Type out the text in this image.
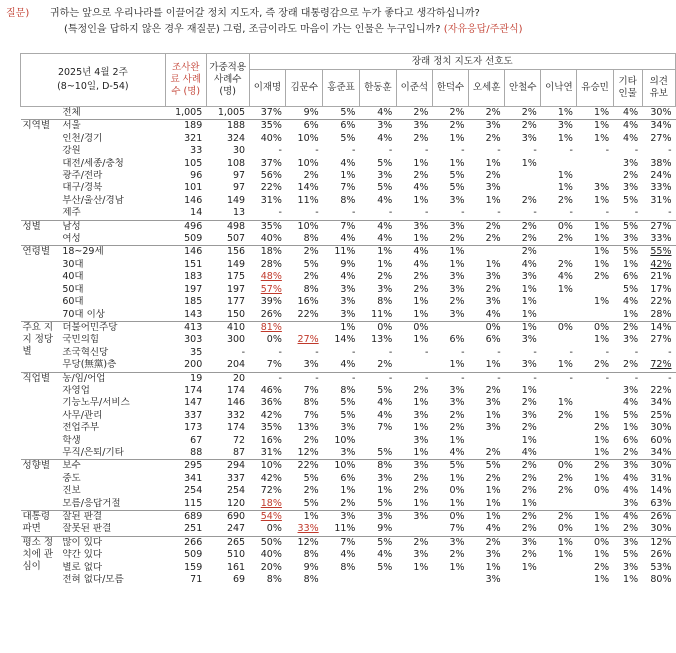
질문) 귀하는 앞으로 우리나라를 이끌어갈 정치 지도자, 즉 장래 대통령감으로 누가 좋다고 생각하십니까?
(특정인을 답하지 않은 경우 재질문) 그럼, 조금이라도 마음이 가는 인물은 누구입니까? (자유응답/주관식)
2025년 4월 2주
(8~10일, D-54)		조사완료 사례수 (명)	가중적용 사례수 (명)	장래 정치 지도자 선호도											
				이재명	김문수	홍준표	한동훈	이준석	한덕수	오세훈	안철수	이낙연	유승민	기타 인물	의견 유보
	전체	1,005	1,005	37%	9%	5%	4%	2%	2%	2%	2%	1%	1%	4%	30%
지역별	서울	189	188	35%	6%	6%	3%	3%	2%	3%	2%	3%	1%	4%	34%
	인천/경기	321	324	40%	10%	5%	4%	2%	1%	2%	3%	1%	1%	4%	27%
	강원	33	30	-	-	-	-	-	-	-	-	-	-	-	-
	대전/세종/충청	105	108	37%	10%	4%	5%	1%	1%	1%	1%			3%	38%
	광주/전라	96	97	56%	2%	1%	3%	2%	5%	2%		1%		2%	24%
	대구/경북	101	97	22%	14%	7%	5%	4%	5%	3%		1%	3%	3%	33%
	부산/울산/경남	146	149	31%	11%	8%	4%	1%	3%	1%	2%	2%	1%	5%	31%
	제주	14	13	-	-	-	-	-	-	-	-	-	-	-	-
성별	남성	496	498	35%	10%	7%	4%	3%	3%	2%	2%	0%	1%	5%	27%
	여성	509	507	40%	8%	4%	4%	1%	2%	2%	2%	2%	1%	3%	33%
연령별	18~29세	146	156	18%	2%	11%	1%	4%	1%		2%		1%	5%	55%
	30대	151	149	28%	5%	9%	1%	4%	1%	1%	4%	2%	1%	1%	42%
	40대	183	175	48%	2%	4%	2%	2%	3%	3%	3%	4%	2%	6%	21%
	50대	197	197	57%	8%	3%	3%	2%	3%	2%	1%	1%		5%	17%
	60대	185	177	39%	16%	3%	8%	1%	2%	3%	1%		1%	4%	22%
	70대 이상	143	150	26%	22%	3%	11%	1%	3%	4%	1%			1%	28%
주요 지지 정당별	더불어민주당	413	410	81%		1%	0%	0%		0%	1%	0%	0%	2%	14%
	국민의힘	303	300	0%	27%	14%	13%	1%	6%	6%	3%		1%	3%	27%
	조국혁신당	35	-	-	-	-	-	-	-	-	-	-	-	-	-
	무당(無黨)층	200	204	7%	3%	4%	2%		1%	1%	3%	1%	2%	2%	72%
직업별	농/임/어업	19	20	-	-	-	-	-	-	-	-	-	-	-	-
	자영업	174	174	46%	7%	8%	5%	2%	3%	2%	1%			3%	22%
	기능노무/서비스	147	146	36%	8%	5%	4%	1%	3%	3%	2%	1%		4%	34%
	사무/관리	337	332	42%	7%	5%	4%	3%	2%	1%	3%	2%	1%	5%	25%
	전업주부	173	174	35%	13%	3%	7%	1%	2%	3%	2%		2%	1%	30%
	학생	67	72	16%	2%	10%		3%	1%		1%		1%	6%	60%
	무직/은퇴/기타	88	87	31%	12%	3%	5%	1%	4%	2%	4%		1%	2%	34%
성향별	보수	295	294	10%	22%	10%	8%	3%	5%	5%	2%	0%	2%	3%	30%
	중도	341	337	42%	5%	6%	3%	2%	1%	2%	2%	2%	1%	4%	31%
	진보	254	254	72%	2%	1%	1%	2%	0%	1%	2%	2%	0%	4%	14%
	모름/응답거절	115	120	18%	5%	2%	5%	1%	1%	1%	1%			3%	63%
대통령 파면	잘된 판결	689	690	54%	1%	3%	3%	3%	0%	1%	2%	2%	1%	4%	26%
	잘못된 판결	251	247	0%	33%	11%	9%		7%	4%	2%	0%	1%	2%	30%
평소 정치에 관심이	많이 있다	266	265	50%	12%	7%	5%	2%	3%	2%	3%	1%	0%	3%	12%
	약간 있다	509	510	40%	8%	4%	4%	3%	2%	3%	2%	1%	1%	5%	26%
	별로 없다	159	161	20%	9%	8%	5%	1%	1%	1%	1%		2%	3%	53%
	전혀 없다/모름	71	69	8%	8%					3%			1%	1%	80%
